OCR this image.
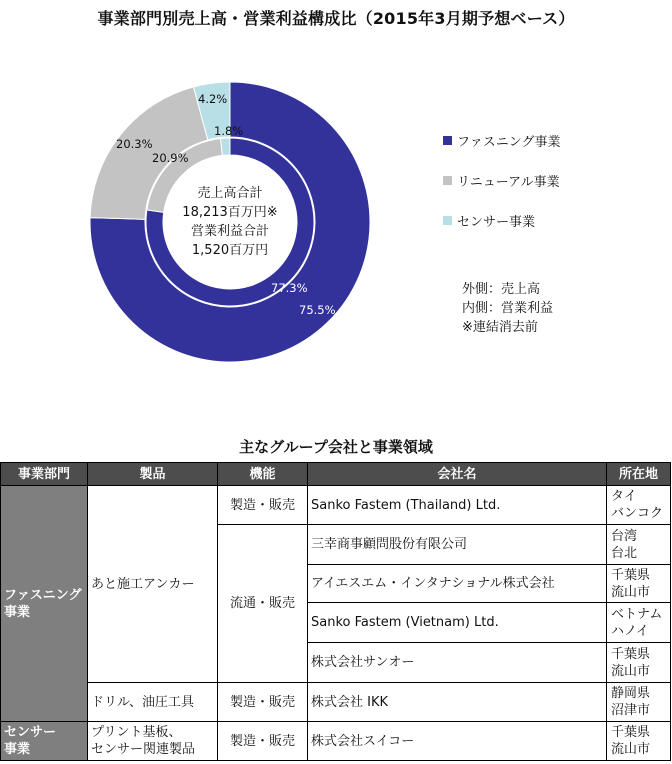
事業部門別売上高・営業利益構成比（2015年3月期予想ベース）
75.5%
20.3%
4.2%
77.3%
20.9%
1.8%
売上高合計
18,213百万円※
営業利益合計
1,520百万円
ファスニング事業
リニューアル事業
センサー事業
外側：売上高
内側：営業利益
※連結消去前
主なグループ会社と事業領域
事業部門	製品	機能	会社名	所在地
ファスニング
事業	あと施工アンカー	製造・販売	Sanko Fastem (Thailand) Ltd.	タイ
バンコク
		流通・販売	三幸商事顧問股份有限公司	台湾
台北
			アイエスエム・インタナショナル株式会社	千葉県
流山市
			Sanko Fastem (Vietnam) Ltd.	ベトナム
ハノイ
			株式会社サンオー	千葉県
流山市
	ドリル、油圧工具	製造・販売	株式会社 IKK	静岡県
沼津市
センサー
事業	プリント基板、
センサー関連製品	製造・販売	株式会社スイコー	千葉県
流山市
